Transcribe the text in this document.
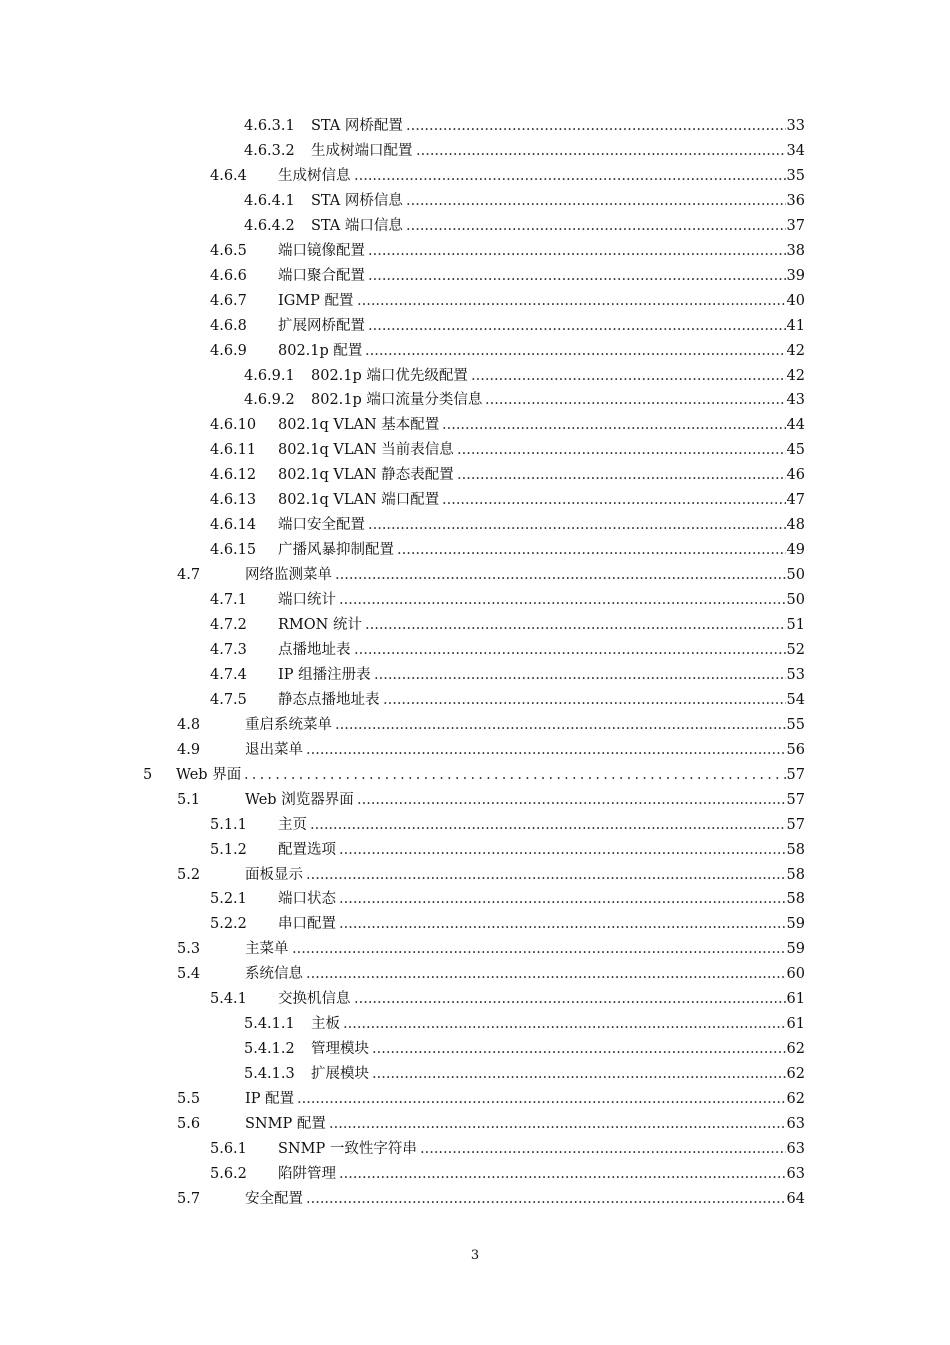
4.6.3.1 STA 网桥配置 .....	33
4.6.3.2 生成树端口配置 .....	34
4.6.4 生成树信息 .....	35
4.6.4.1 STA 网桥信息 .....	36
4.6.4.2 STA 端口信息 .....	37
4.6.5 端口镜像配置 .....	38
4.6.6 端口聚合配置 .....	39
4.6.7 IGMP 配置 .....	40
4.6.8 扩展网桥配置 .....	41
4.6.9 802.1p 配置 .....	42
4.6.9.1 802.1p 端口优先级配置 .....	42
4.6.9.2 802.1p 端口流量分类信息 .....	43
4.6.10 802.1q VLAN 基本配置 .....	44
4.6.11 802.1q VLAN 当前表信息 .....	45
4.6.12 802.1q VLAN 静态表配置 .....	46
4.6.13 802.1q VLAN 端口配置 .....	47
4.6.14 端口安全配置 .....	48
4.6.15 广播风暴抑制配置 .....	49
4.7	网络监测菜单 .....	50
4.7.1 端口统计 .....	50
4.7.2 RMON 统计 .....	51
4.7.3 点播地址表 .....	52
4.7.4 IP 组播注册表 .....	53
4.7.5 静态点播地址表 .....	54
4.8	重启系统菜单 .....	55
4.9	退出菜单 .....	56
5 Web 界面 .....	57
5.1	Web 浏览器界面 .....	57
5.1.1 主页 .....	57
5.1.2 配置选项 .....	58
5.2	面板显示 .....	58
5.2.1 端口状态 .....	58
5.2.2 串口配置 .....	59
5.3	主菜单 .....	59
5.4	系统信息 .....	60
5.4.1 交换机信息 .....	61
5.4.1.1 主板 .....	61
5.4.1.2 管理模块 .....	62
5.4.1.3 扩展模块 .....	62
5.5	IP 配置 .....	62
5.6	SNMP 配置 .....	63
5.6.1 SNMP 一致性字符串 .....	63
5.6.2 陷阱管理 .....	63
5.7	安全配置 .....	64
3
